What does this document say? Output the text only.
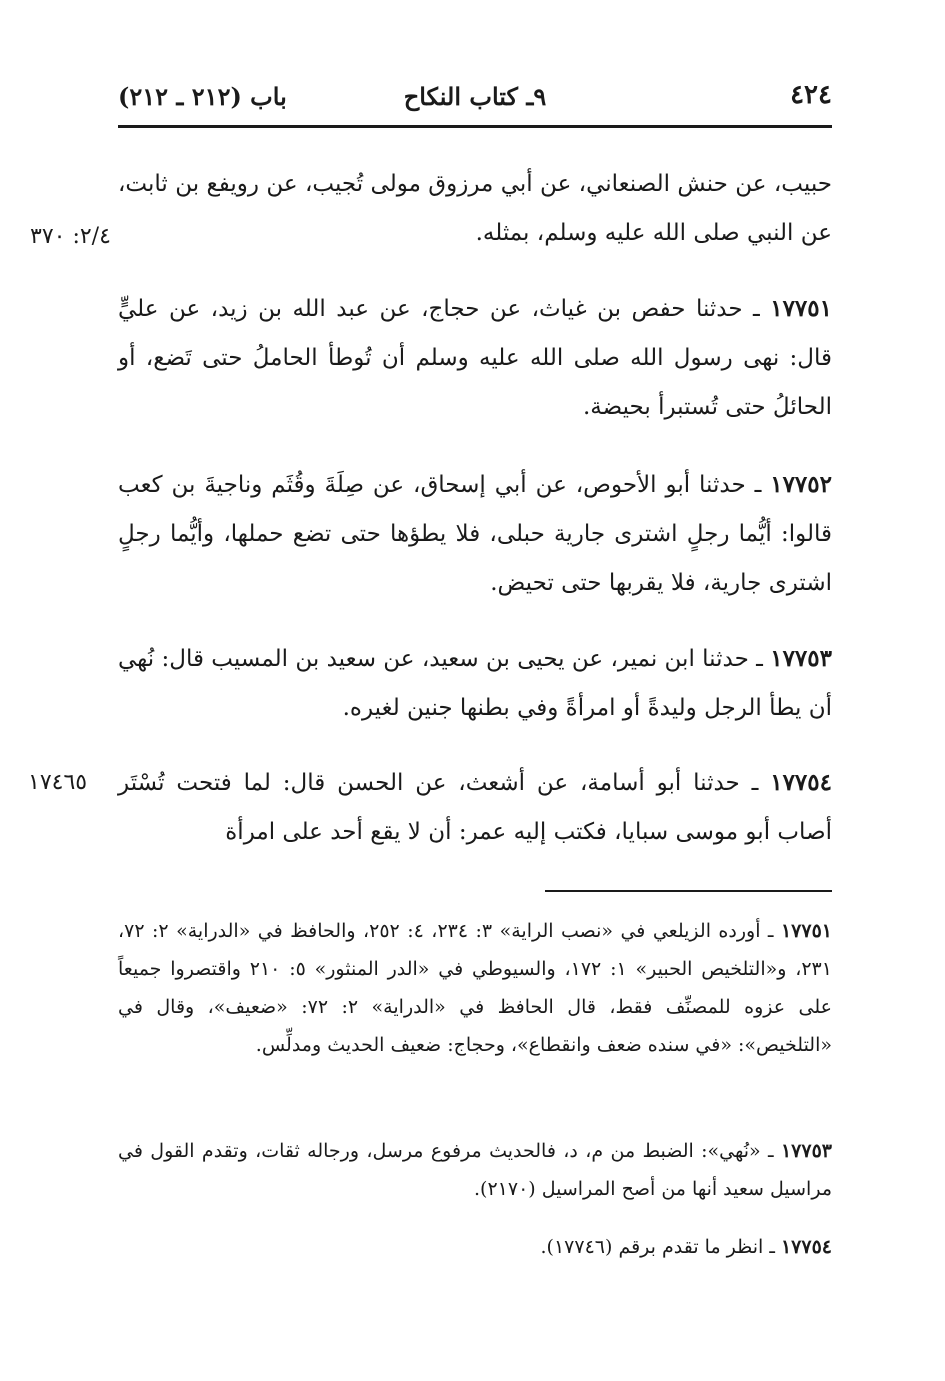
٤٢٤
٩ـ كتاب النكاح
باب (٢١٢ ـ ٢١٢)

حبيب، عن حنش الصنعاني، عن أبي مرزوق مولى تُجيب، عن رويفع بن ثابت، عن النبي صلى الله عليه وسلم، بمثله.

٢/٤: ٣٧٠

١٧٧٥١ ـ حدثنا حفص بن غياث، عن حجاج، عن عبد الله بن زيد، عن عليٍّ قال: نهى رسول الله صلى الله عليه وسلم أن تُوطأ الحاملُ حتى تَضع، أو الحائلُ حتى تُستبرأ بحيضة.

١٧٧٥٢ ـ حدثنا أبو الأحوص، عن أبي إسحاق، عن صِلَةَ وقُثَم وناجيةَ بن كعب قالوا: أيُّما رجلٍ اشترى جارية حبلى، فلا يطؤها حتى تضع حملها، وأيُّما رجلٍ اشترى جارية، فلا يقربها حتى تحيض.

١٧٧٥٣ ـ حدثنا ابن نمير، عن يحيى بن سعيد، عن سعيد بن المسيب قال: نُهي أن يطأ الرجل وليدةً أو امرأةً وفي بطنها جنين لغيره.

١٧٧٥٤ ـ حدثنا أبو أسامة، عن أشعث، عن الحسن قال: لما فتحت تُسْتَر أصاب أبو موسى سبايا، فكتب إليه عمر: أن لا يقع أحد على امرأة

١٧٤٦٥
١٧٧٥١ ـ أورده الزيلعي في «نصب الراية» ٣: ٢٣٤، ٤: ٢٥٢، والحافظ في «الدراية» ٢: ٧٢، ٢٣١، و«التلخيص الحبير» ١: ١٧٢، والسيوطي في «الدر المنثور» ٥: ٢١٠ واقتصروا جميعاً على عزوه للمصنِّف فقط، قال الحافظ في «الدراية» ٢: ٧٢: «ضعيف»، وقال في «التلخيص»: «في سنده ضعف وانقطاع»، وحجاج: ضعيف الحديث ومدلِّس.
١٧٧٥٣ ـ «نُهي»: الضبط من م، د، فالحديث مرفوع مرسل، ورجاله ثقات، وتقدم القول في مراسيل سعيد أنها من أصح المراسيل (٢١٧٠).
١٧٧٥٤ ـ انظر ما تقدم برقم (١٧٧٤٦).
